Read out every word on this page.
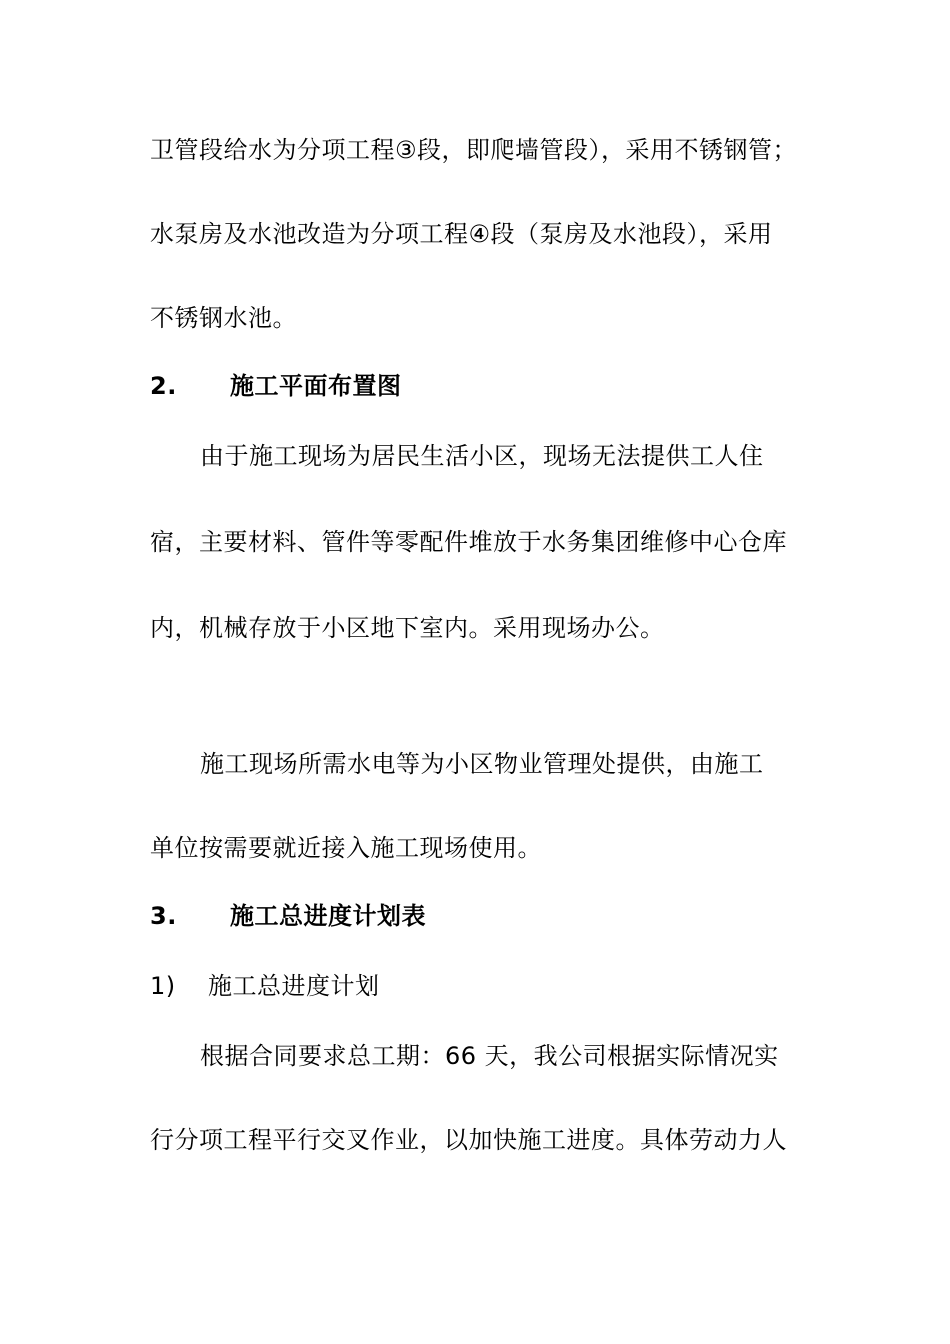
卫管段给水为分项工程③段，即爬墙管段），采用不锈钢管；
水泵房及水池改造为分项工程④段（泵房及水池段），采用
不锈钢水池。
2. 施工平面布置图
由于施工现场为居民生活小区，现场无法提供工人住
宿，主要材料、管件等零配件堆放于水务集团维修中心仓库
内，机械存放于小区地下室内。采用现场办公。
施工现场所需水电等为小区物业管理处提供，由施工
单位按需要就近接入施工现场使用。
3. 施工总进度计划表
1) 施工总进度计划
根据合同要求总工期：66 天，我公司根据实际情况实
行分项工程平行交叉作业，以加快施工进度。具体劳动力人
